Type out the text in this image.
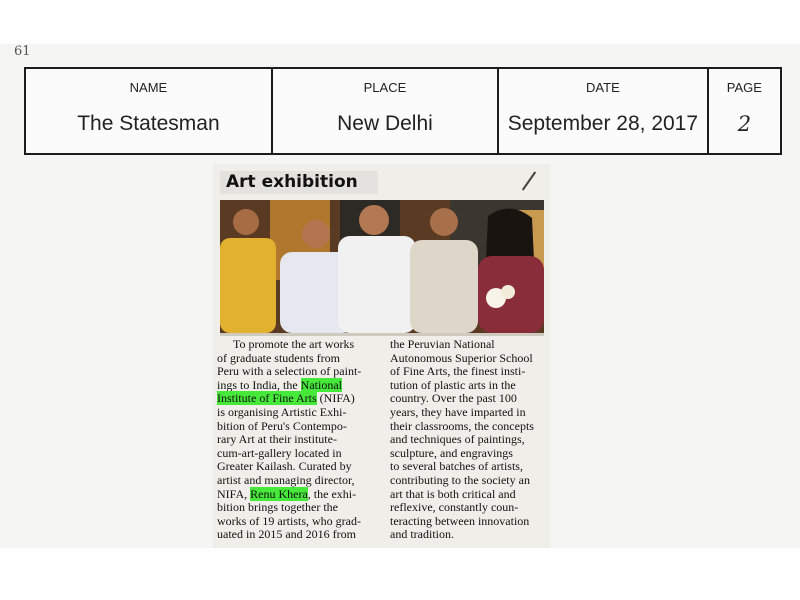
61
NAME	PLACE	DATE	PAGE
The Statesman	New Delhi	September 28, 2017	2
Art exhibition
To promote the art works
of graduate students from
Peru with a selection of paint-
ings to India, the National
Institute of Fine Arts (NIFA)
is organising Artistic Exhi-
bition of Peru's Contempo-
rary Art at their institute-
cum-art-gallery located in
Greater Kailash. Curated by
artist and managing director,
NIFA, Renu Khera, the exhi-
bition brings together the
works of 19 artists, who grad-
uated in 2015 and 2016 from
the Peruvian National
Autonomous Superior School
of Fine Arts, the finest insti-
tution of plastic arts in the
country. Over the past 100
years, they have imparted in
their classrooms, the concepts
and techniques of paintings,
sculpture, and engravings
to several batches of artists,
contributing to the society an
art that is both critical and
reflexive, constantly coun-
teracting between innovation
and tradition.
